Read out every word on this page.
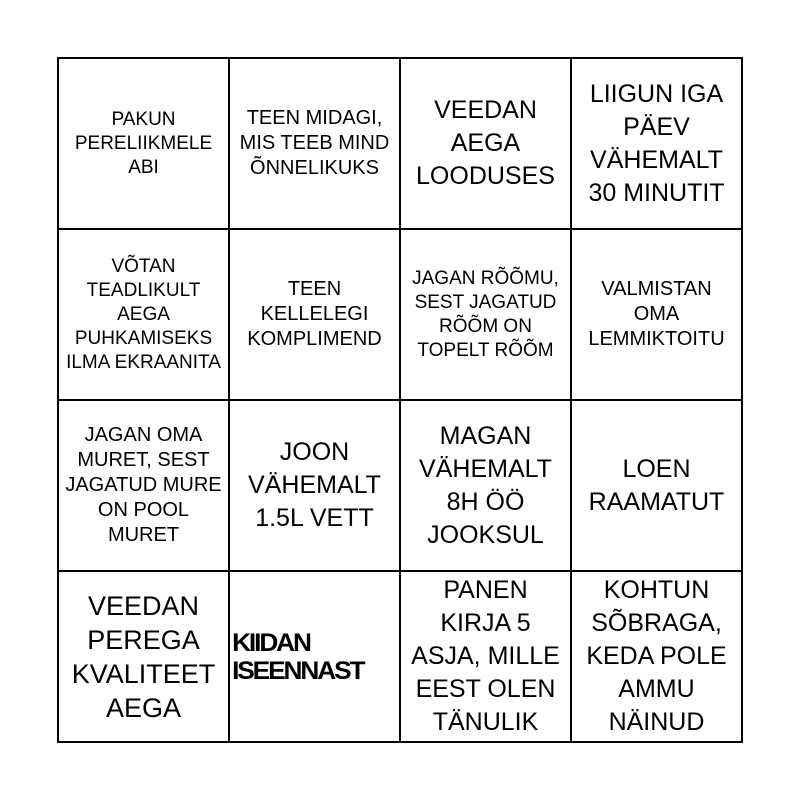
PAKUN PERELIIKMELE ABI
TEEN MIDAGI, MIS TEEB MIND ÕNNELIKUKS
VEEDAN AEGA LOODUSES
LIIGUN IGA PÄEV VÄHEMALT 30 MINUTIT
VÕTAN TEADLIKULT AEGA PUHKAMISEKS ILMA EKRAANITA
TEEN KELLELEGI KOMPLIMEND
JAGAN RÕÕMU, SEST JAGATUD RÕÕM ON TOPELT RÕÕM
VALMISTAN OMA LEMMIKTOITU
JAGAN OMA MURET, SEST JAGATUD MURE ON POOL MURET
JOON VÄHEMALT 1.5L VETT
MAGAN VÄHEMALT 8H ÖÖ JOOKSUL
LOEN RAAMATUT
VEEDAN PEREGA KVALITEET AEGA
KIIDAN ISEENNAST
PANEN KIRJA 5 ASJA, MILLE EEST OLEN TÄNULIK
KOHTUN SÕBRAGA, KEDA POLE AMMU NÄINUD
